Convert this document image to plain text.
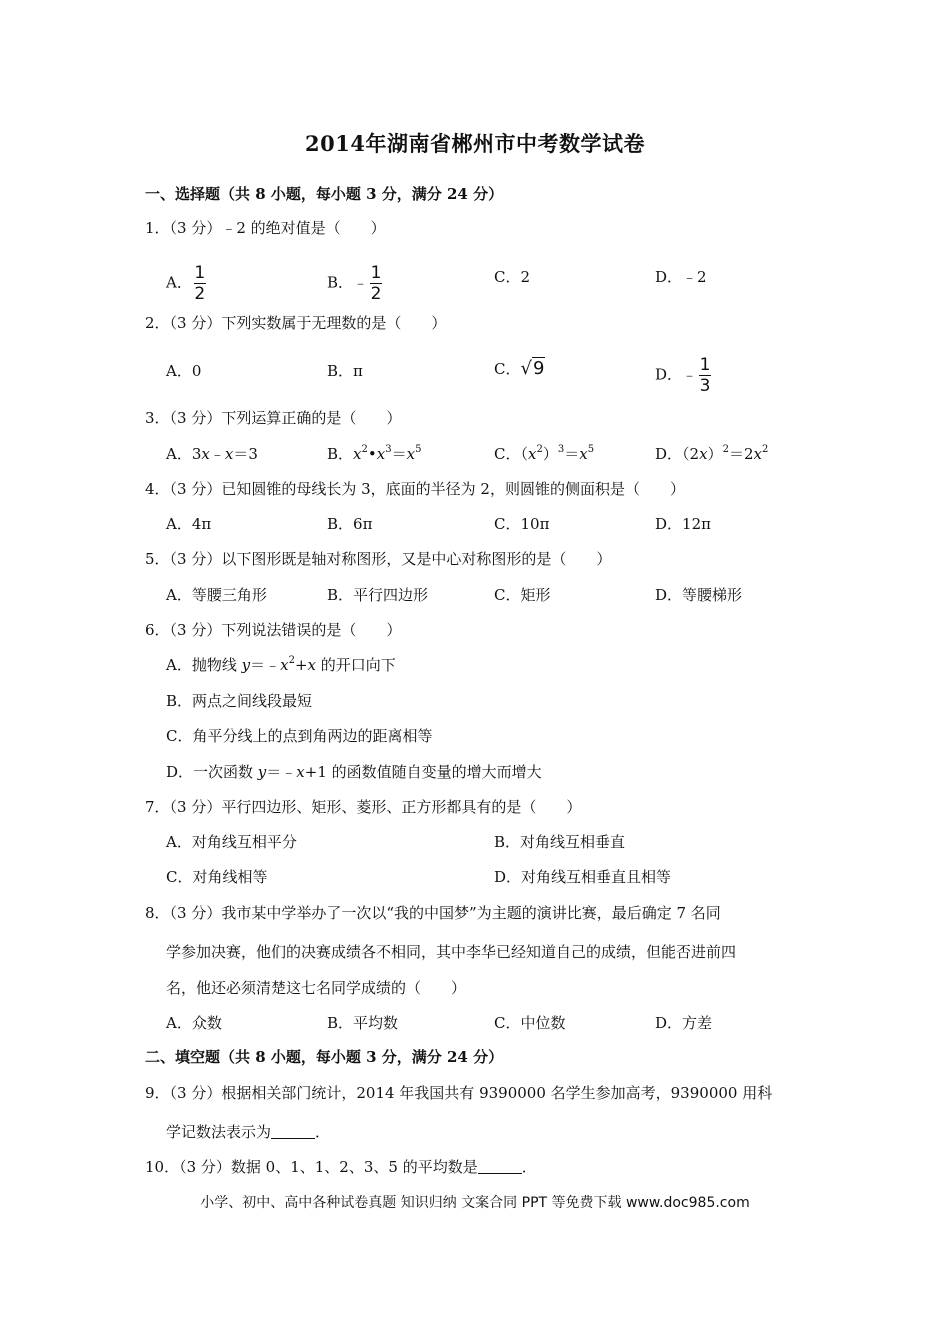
2014年湖南省郴州市中考数学试卷
一、选择题（共 8 小题，每小题 3 分，满分 24 分）
1．（3 分）﹣2 的绝对值是（　　）
A． $\frac{1}{2}$	B．﹣ $\frac{1}{2}$	C．2	D．﹣2
2．（3 分）下列实数属于无理数的是（　　）
A．0	B．π	C．√9	D．﹣ $\frac{1}{3}$
3．（3 分）下列运算正确的是（　　）
A．3x﹣x＝3	B．$x^2•x^3=x^5$	C．$(x^2)^3=x^5$	D．$(2x)^2=2x^2$
4．（3 分）已知圆锥的母线长为 3，底面的半径为 2，则圆锥的侧面积是（　　）
A．4π	B．6π	C．10π	D．12π
5．（3 分）以下图形既是轴对称图形，又是中心对称图形的是（　　）
A．等腰三角形	B．平行四边形	C．矩形	D．等腰梯形
6．（3 分）下列说法错误的是（　　）
A．抛物线 $y=﹣x^2+x$ 的开口向下
B．两点之间线段最短
C．角平分线上的点到角两边的距离相等
D．一次函数 y＝﹣x+1 的函数值随自变量的增大而增大
7．（3 分）平行四边形、矩形、菱形、正方形都具有的是（　　）
A．对角线互相平分	B．对角线互相垂直
C．对角线相等	D．对角线互相垂直且相等
8．（3 分）我市某中学举办了一次以“我的中国梦”为主题的演讲比赛，最后确定 7 名同
学参加决赛，他们的决赛成绩各不相同，其中李华已经知道自己的成绩，但能否进前四
名，他还必须清楚这七名同学成绩的（　　）
A．众数	B．平均数	C．中位数	D．方差
二、填空题（共 8 小题，每小题 3 分，满分 24 分）
9．（3 分）根据相关部门统计，2014 年我国共有 9390000 名学生参加高考，9390000 用科
学记数法表示为	．
10．（3 分）数据 0、1、1、2、3、5 的平均数是	．
小学、初中、高中各种试卷真题 知识归纳 文案合同 PPT 等免费下载 www.doc985.com
